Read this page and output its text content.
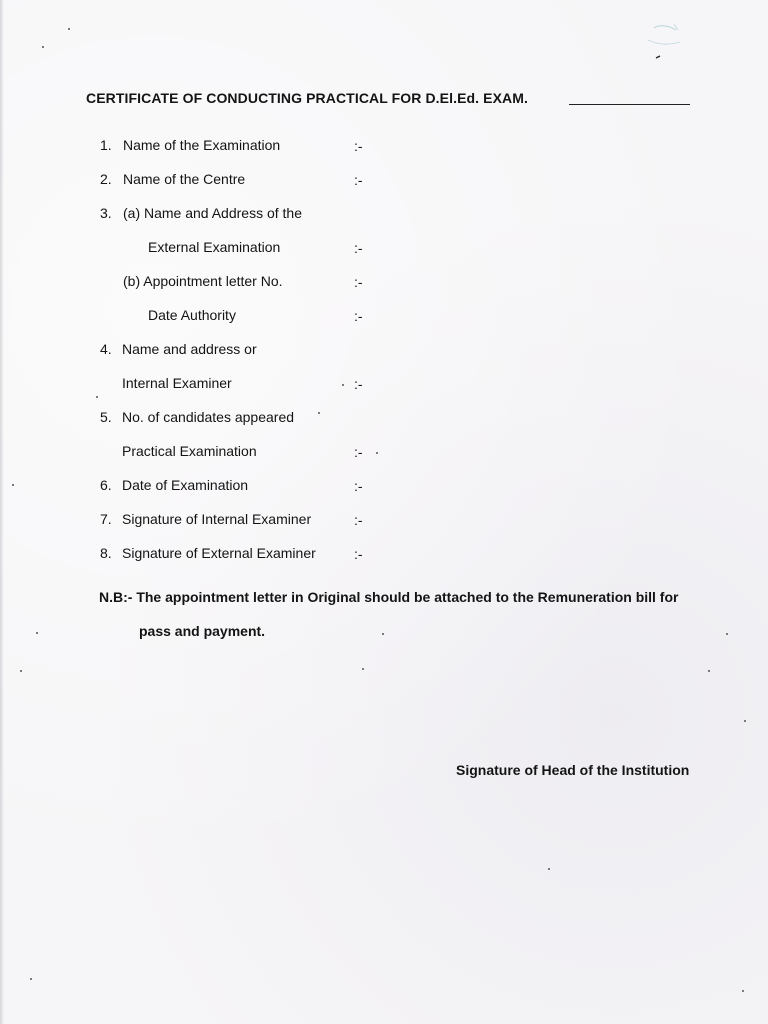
CERTIFICATE OF CONDUCTING PRACTICAL FOR D.El.Ed. EXAM.
1. Name of the Examination	:-
2. Name of the Centre	:-
3. (a) Name and Address of the
External Examination	:-
(b) Appointment letter No.	:-
Date Authority	:-
4. Name and address or
Internal Examiner	:-
5. No. of candidates appeared
Practical Examination	:-
6. Date of Examination	:-
7. Signature of Internal Examiner	:-
8. Signature of External Examiner	:-
N.B:- The appointment letter in Original should be attached to the Remuneration bill for
pass and payment.
Signature of Head of the Institution
